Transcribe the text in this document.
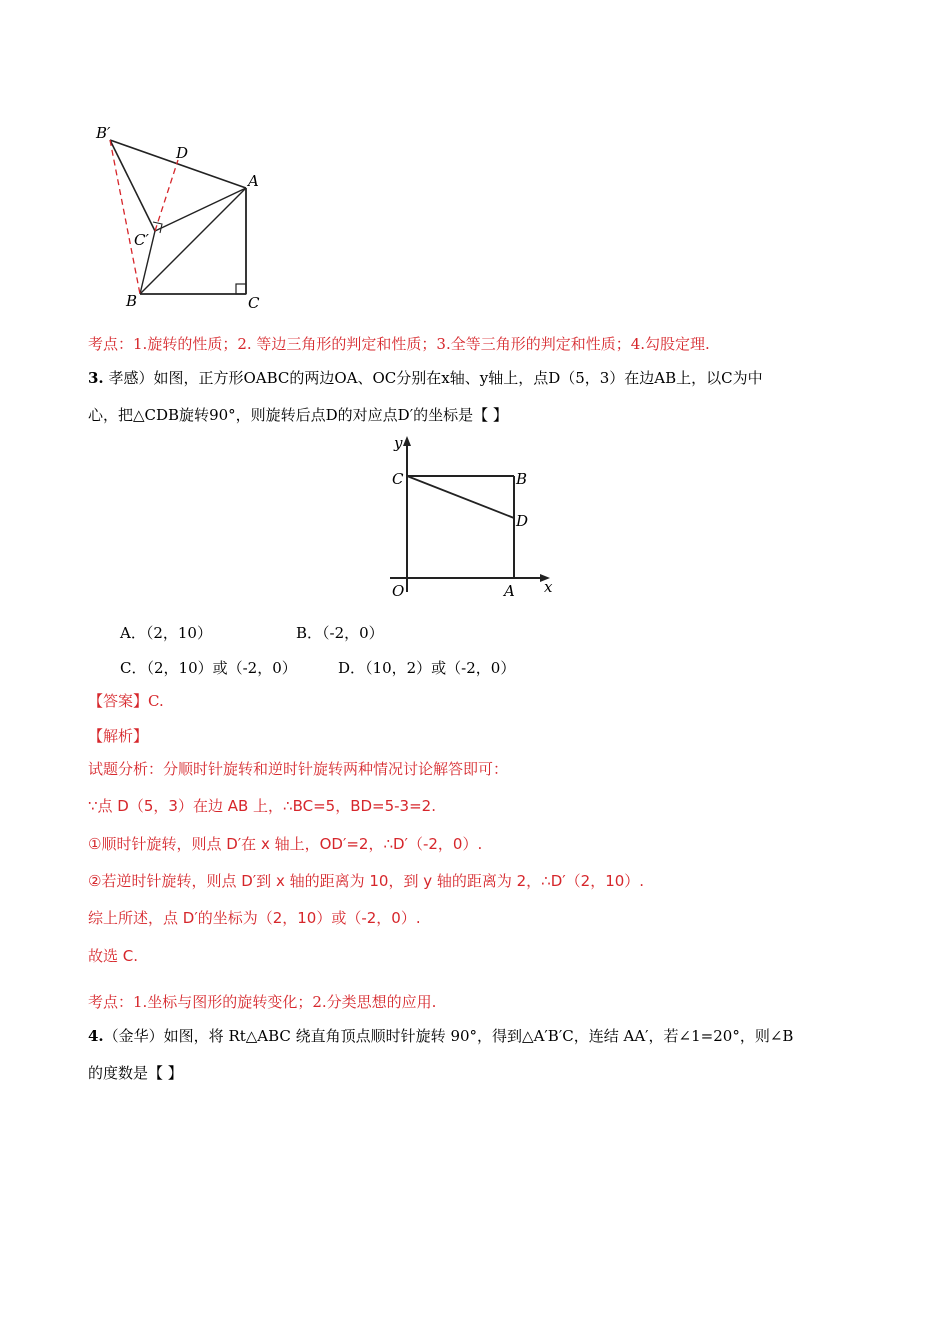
B′
D
A
C′
B	C
考点：1.旋转的性质；2. 等边三角形的判定和性质；3.全等三角形的判定和性质；4.勾股定理.
3. 孝感）如图，正方形OABC的两边OA、OC分别在x轴、y轴上，点D（5，3）在边AB上，以C为中
心，把△CDB旋转90°，则旋转后点D的对应点D′的坐标是【 】
y
C	B
D
O	A x
A．（2，10）	B．（-2，0）
C．（2，10）或（-2，0）	D．（10，2）或（-2，0）
【答案】C.
【解析】
试题分析：分顺时针旋转和逆时针旋转两种情况讨论解答即可：
∵点 D（5，3）在边 AB 上，∴BC=5，BD=5-3=2.
①顺时针旋转，则点 D′在 x 轴上，OD′=2，∴D′（-2，0）.
②若逆时针旋转，则点 D′到 x 轴的距离为 10，到 y 轴的距离为 2，∴D′（2，10）.
综上所述，点 D′的坐标为（2，10）或（-2，0）.
故选 C.
考点：1.坐标与图形的旋转变化；2.分类思想的应用.
4.（金华）如图，将 Rt△ABC 绕直角顶点顺时针旋转 90°，得到△A′B′C，连结 AA′，若∠1=20°，则∠B
的度数是【 】
